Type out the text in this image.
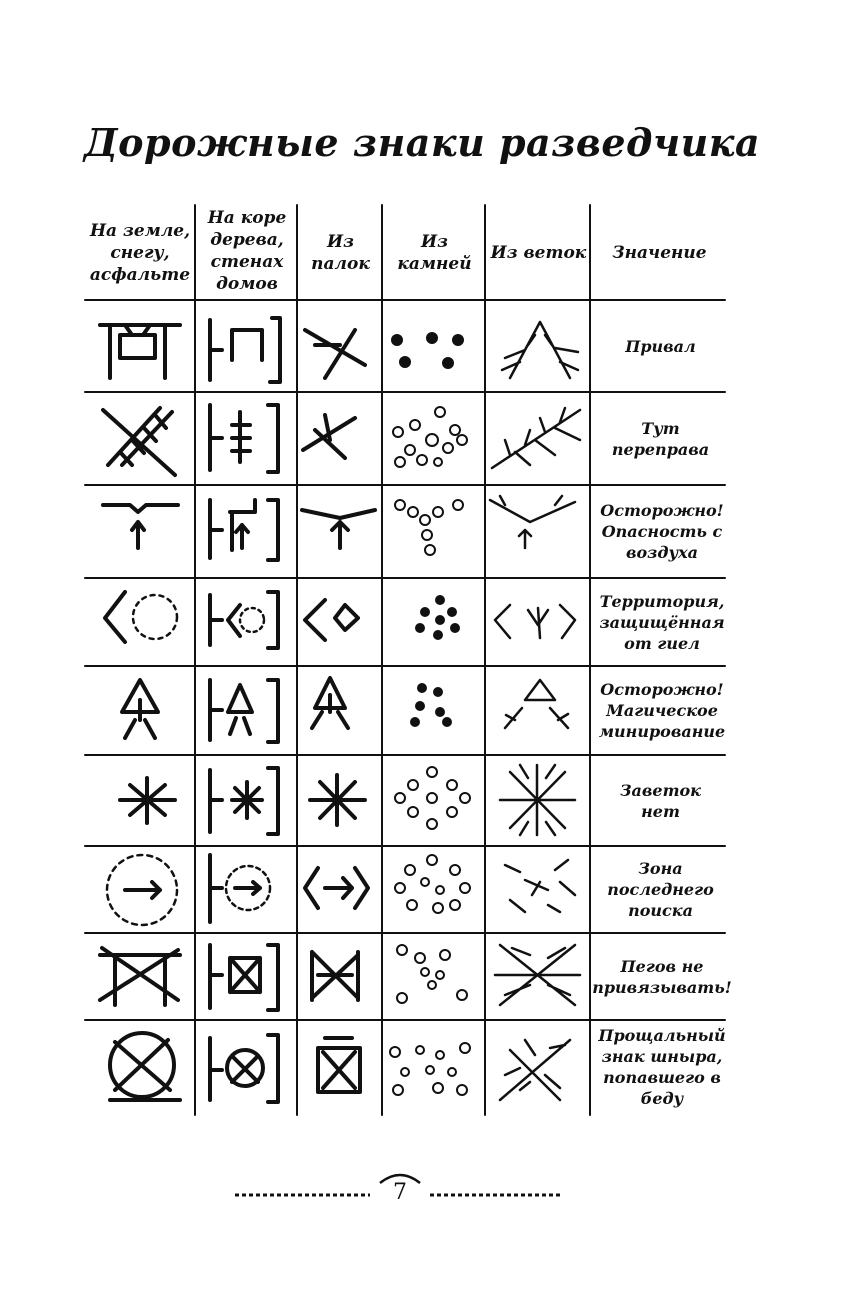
Дорожные знаки разведчика
На земле, снегу, асфальте
На коре дерева, стенах домов
Из палок
Из камней
Из веток	Значение
Привал
Тут переправа
Осторожно! Опасность с воздуха
Территория, защищённая от гиел
Осторожно! Магическое минирование
Заветок нет
Зона последнего поиска
Пегов не привязывать!
Прощальный знак шныра, попавшего в беду
7
